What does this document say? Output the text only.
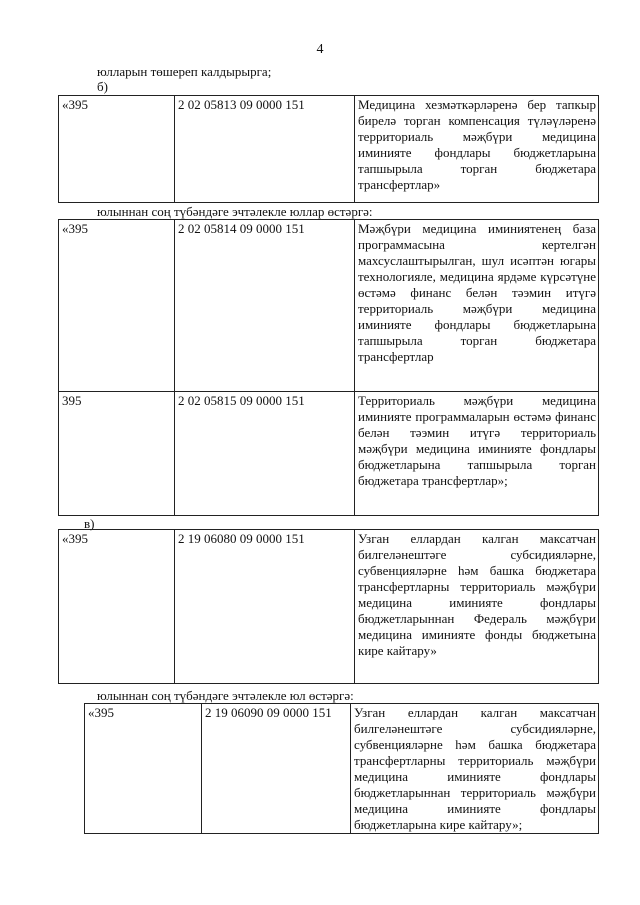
4
юлларын төшереп калдырырга;
б)
«395	2 02 05813 09 0000 151	Медицина хезмәткәрләренә бер тапкыр бирелә торган компенсация түләүләренә территориаль мәҗбүри медицина иминияте фондлары бюджетларына тапшырыла торган бюджетара трансфертлар»
юлыннан соң түбәндәге эчтәлекле юллар өстәргә:
«395	2 02 05814 09 0000 151	Мәҗбүри медицина иминиятенең база программасына кертелгән махсуслаштырылган, шул исәптән югары технологияле, медицина ярдәме күрсәтүне өстәмә финанс белән тәэмин итүгә территориаль мәҗбүри медицина иминияте фондлары бюджетларына тапшырыла торган бюджетара трансфертлар
395	2 02 05815 09 0000 151	Территориаль мәҗбүри медицина иминияте программаларын өстәмә финанс белән тәэмин итүгә территориаль мәҗбүри медицина иминияте фондлары бюджетларына тапшырыла торган бюджетара трансфертлар»;
в)
«395	2 19 06080 09 0000 151	Узган еллардан калган максатчан билгеләнештәге субсидияләрне, субвенцияләрне һәм башка бюджетара трансфертларны территориаль мәҗбүри медицина иминияте фондлары бюджетларыннан Федераль мәҗбүри медицина иминияте фонды бюджетына кире кайтару»
юлыннан соң түбәндәге эчтәлекле юл өстәргә:
«395	2 19 06090 09 0000 151	Узган еллардан калган максатчан билгеләнештәге субсидияләрне, субвенцияләрне һәм башка бюджетара трансфертларны территориаль мәҗбүри медицина иминияте фондлары бюджетларыннан территориаль мәҗбүри медицина иминияте фондлары бюджетларына кире кайтару»;
